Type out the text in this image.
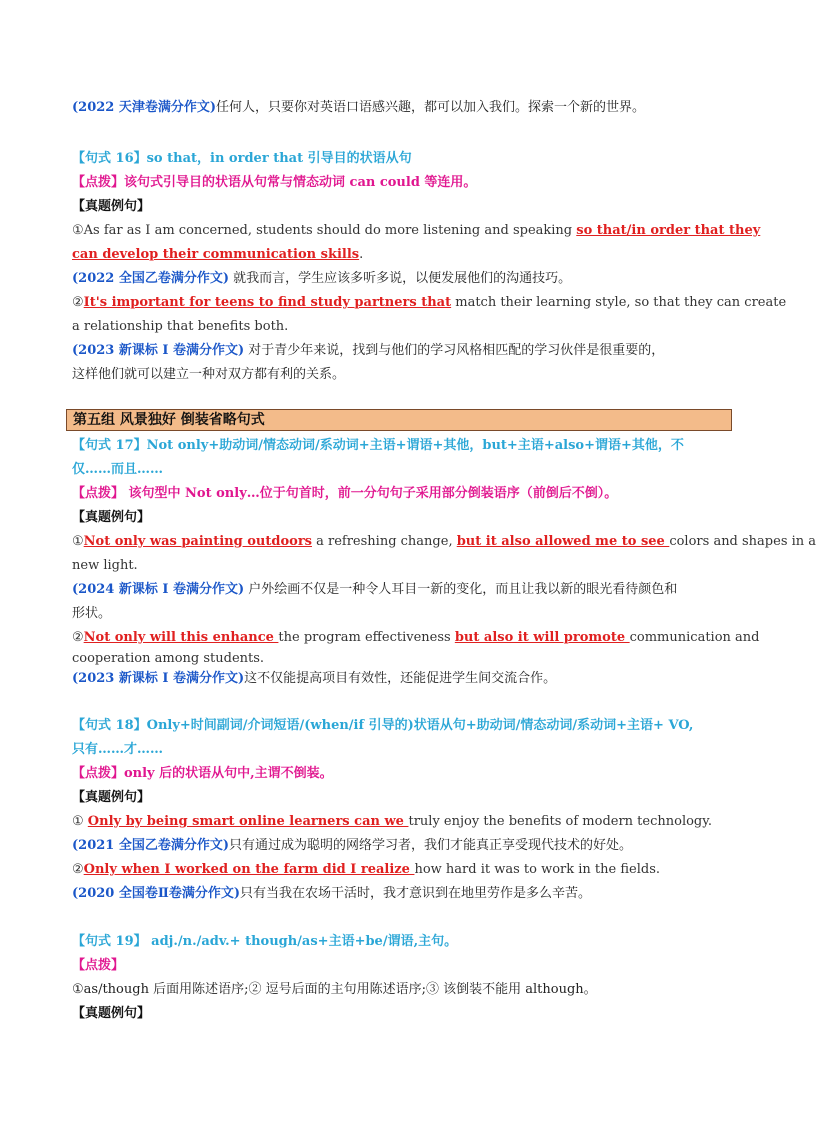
(2022 天津卷满分作文)任何人，只要你对英语口语感兴趣，都可以加入我们。探索一个新的世界。
【句式 16】so that，in order that 引导目的状语从句
【点拨】该句式引导目的状语从句常与情态动词 can could 等连用。
【真题例句】
①As far as I am concerned, students should do more listening and speaking so that/in order that they
can develop their communication skills.
(2022 全国乙卷满分作文) 就我而言，学生应该多听多说，以便发展他们的沟通技巧。
②It's important for teens to find study partners that match their learning style, so that they can create
a relationship that benefits both.
(2023 新课标 I 卷满分作文) 对于青少年来说，找到与他们的学习风格相匹配的学习伙伴是很重要的，
这样他们就可以建立一种对双方都有利的关系。
第五组 风景独好 倒装省略句式
【句式 17】Not only+助动词/情态动词/系动词+主语+谓语+其他，but+主语+also+谓语+其他，不
仅……而且……
【点拨】 该句型中 Not only…位于句首时，前一分句句子采用部分倒装语序（前倒后不倒）。
【真题例句】
①Not only was painting outdoors a refreshing change, but it also allowed me to see colors and shapes in a
new light.
(2024 新课标 I 卷满分作文) 户外绘画不仅是一种令人耳目一新的变化，而且让我以新的眼光看待颜色和
形状。
②Not only will this enhance the program effectiveness but also it will promote communication and
cooperation among students.
(2023 新课标 I 卷满分作文)这不仅能提高项目有效性，还能促进学生间交流合作。
【句式 18】Only+时间副词/介词短语/(when/if 引导的)状语从句+助动词/情态动词/系动词+主语+ VO,
只有……才……
【点拨】only 后的状语从句中,主谓不倒装。
【真题例句】
① Only by being smart online learners can we truly enjoy the benefits of modern technology.
(2021 全国乙卷满分作文)只有通过成为聪明的网络学习者，我们才能真正享受现代技术的好处。
②Only when I worked on the farm did I realize how hard it was to work in the fields.
(2020 全国卷Ⅱ卷满分作文)只有当我在农场干活时，我才意识到在地里劳作是多么辛苦。
【句式 19】 adj./n./adv.+ though/as+主语+be/谓语,主句。
【点拨】
①as/though 后面用陈述语序;② 逗号后面的主句用陈述语序;③ 该倒装不能用 although。
【真题例句】
